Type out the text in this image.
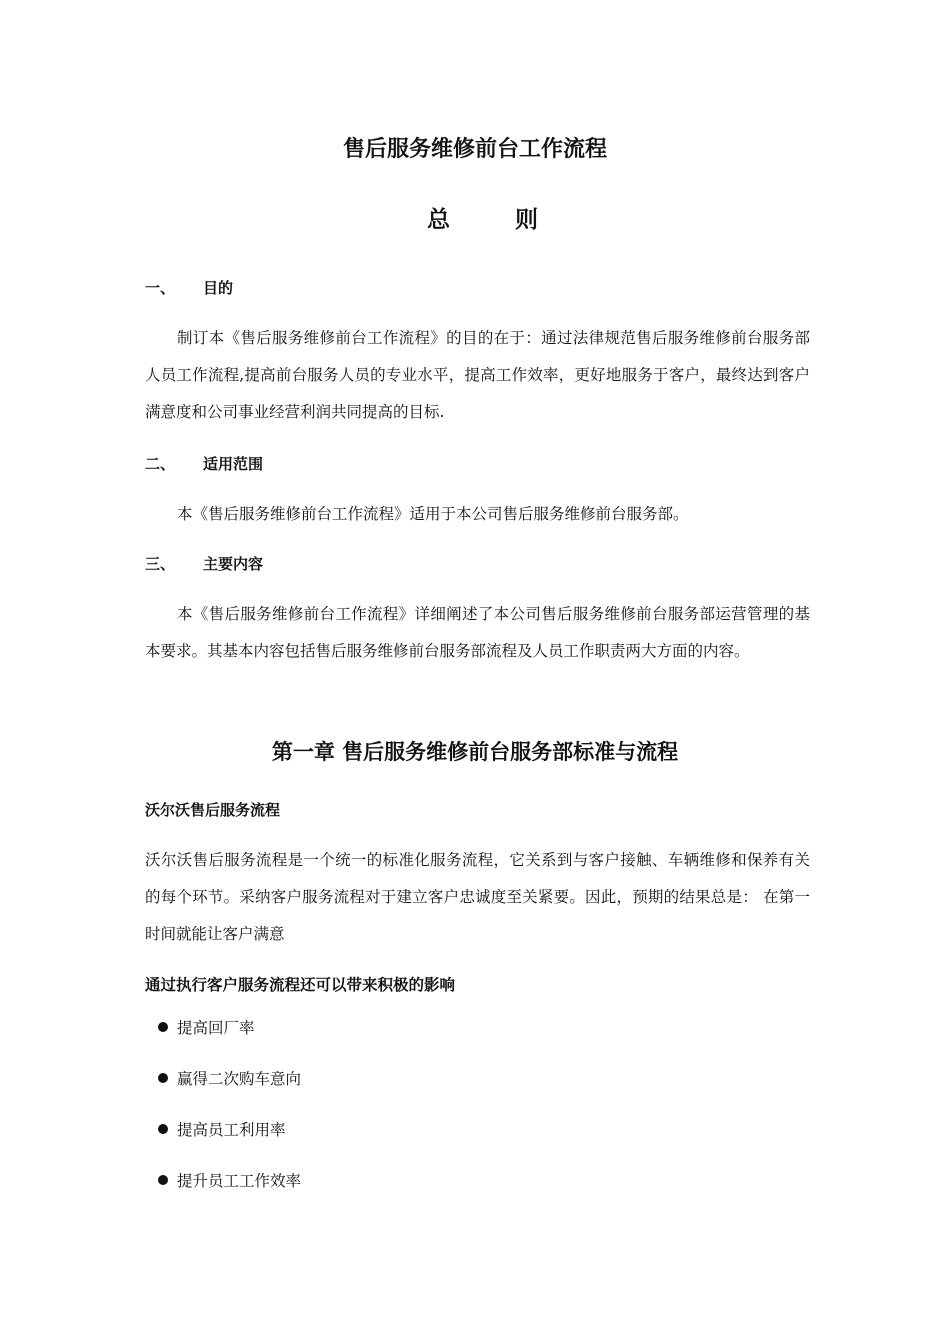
售后服务维修前台工作流程
总	则
一、 目的
制订本《售后服务维修前台工作流程》的目的在于：通过法律规范售后服务维修前台服务部人员工作流程,提高前台服务人员的专业水平，提高工作效率，更好地服务于客户，最终达到客户满意度和公司事业经营利润共同提高的目标.
二、 适用范围
本《售后服务维修前台工作流程》适用于本公司售后服务维修前台服务部。
三、 主要内容
本《售后服务维修前台工作流程》详细阐述了本公司售后服务维修前台服务部运营管理的基本要求。其基本内容包括售后服务维修前台服务部流程及人员工作职责两大方面的内容。
第一章 售后服务维修前台服务部标准与流程
沃尔沃售后服务流程
沃尔沃售后服务流程是一个统一的标准化服务流程，它关系到与客户接触、车辆维修和保养有关的每个环节。采纳客户服务流程对于建立客户忠诚度至关紧要。因此，预期的结果总是： 在第一时间就能让客户满意
通过执行客户服务流程还可以带来积极的影响
提高回厂率
赢得二次购车意向
提高员工利用率
提升员工工作效率
